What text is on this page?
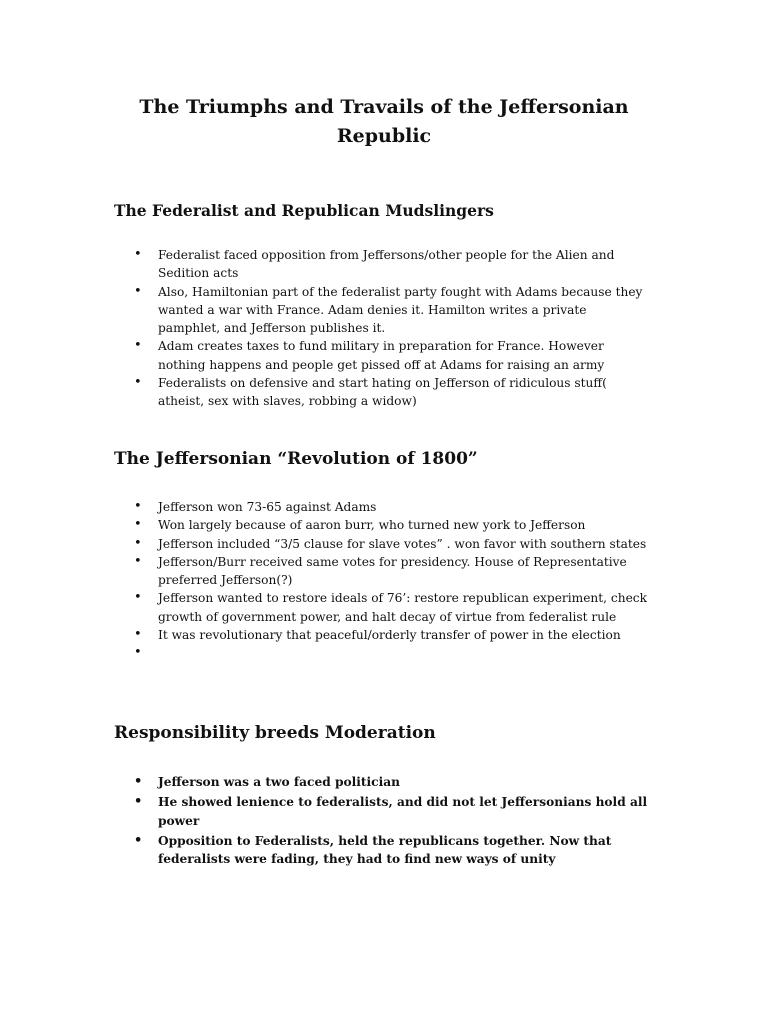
The Triumphs and Travails of the Jeffersonian Republic
The Federalist and Republican Mudslingers
• Federalist faced opposition from Jeffersons/other people for the Alien and Sedition acts
• Also, Hamiltonian part of the federalist party fought with Adams because they wanted a war with France. Adam denies it. Hamilton writes a private pamphlet, and Jefferson publishes it.
• Adam creates taxes to fund military in preparation for France. However nothing happens and people get pissed off at Adams for raising an army
• Federalists on defensive and start hating on Jefferson of ridiculous stuff( atheist, sex with slaves, robbing a widow)
The Jeffersonian “Revolution of 1800”
• Jefferson won 73-65 against Adams
• Won largely because of aaron burr, who turned new york to Jefferson
• Jefferson included “3/5 clause for slave votes” . won favor with southern states
• Jefferson/Burr received same votes for presidency. House of Representative preferred Jefferson(?)
• Jefferson wanted to restore ideals of 76’: restore republican experiment, check growth of government power, and halt decay of virtue from federalist rule
• It was revolutionary that peaceful/orderly transfer of power in the election
•
Responsibility breeds Moderation
• Jefferson was a two faced politician
• He showed lenience to federalists, and did not let Jeffersonians hold all power
• Opposition to Federalists, held the republicans together. Now that federalists were fading, they had to find new ways of unity
